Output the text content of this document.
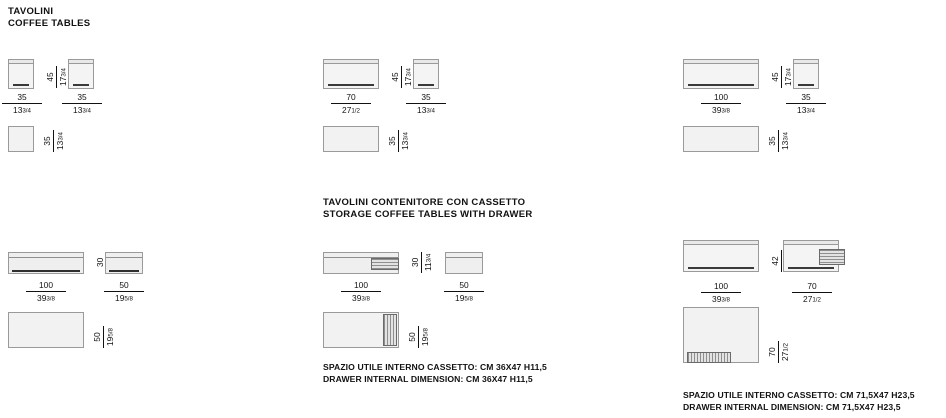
TAVOLINI
COFFEE TABLES
45 173/4
35
133/4
35
133/4
35 133/4
45 173/4
70
271/2
35
133/4
35 133/4
45 173/4
100
393/8
35
133/4
35 133/4
TAVOLINI CONTENITORE CON CASSETTO
STORAGE COFFEE TABLES WITH DRAWER
30
100
393/8
50
195/8
50 195/8
30 113/4
100
393/8
50
195/8
50 195/8
SPAZIO UTILE INTERNO CASSETTO: CM 36X47 H11,5
DRAWER INTERNAL DIMENSION: CM 36X47 H11,5
42
100
393/8
70
271/2
70 271/2
SPAZIO UTILE INTERNO CASSETTO: CM 71,5X47 H23,5
DRAWER INTERNAL DIMENSION: CM 71,5X47 H23,5
